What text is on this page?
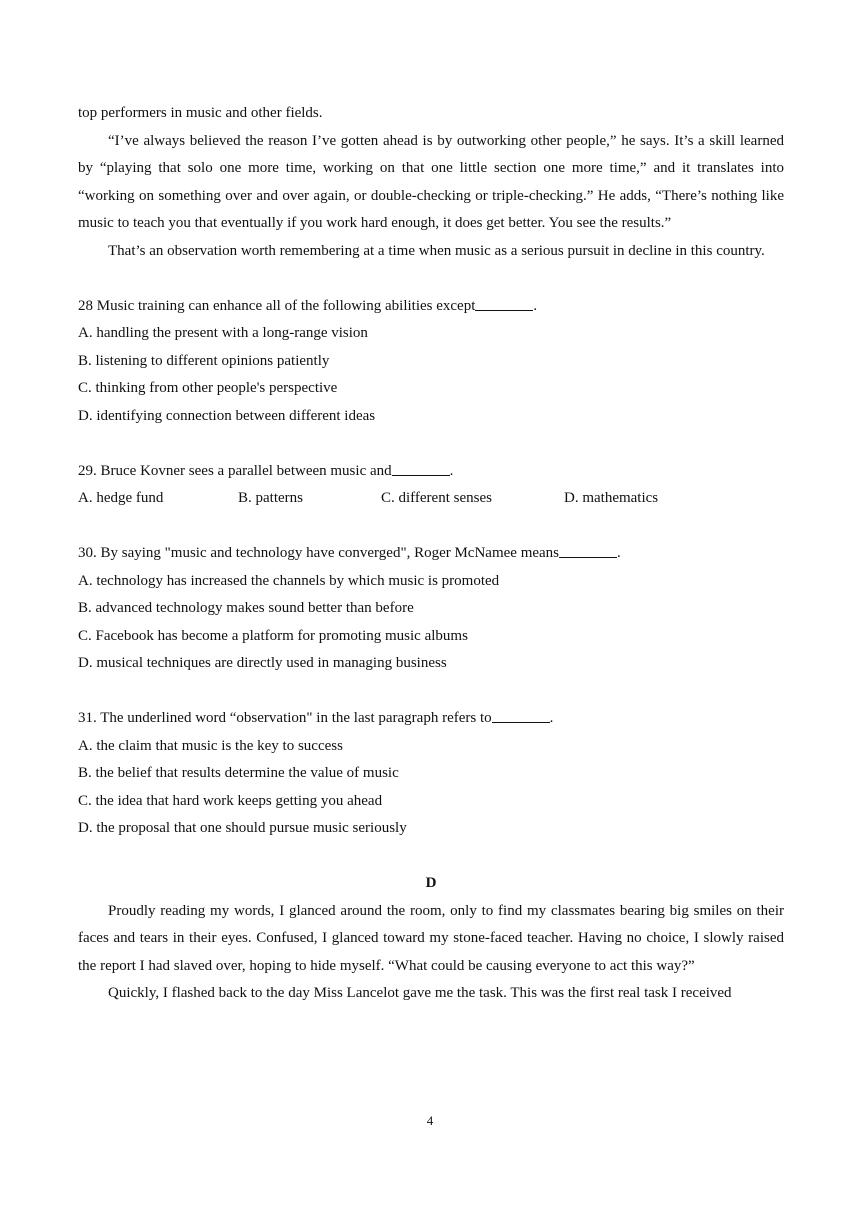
top performers in music and other fields.

“I’ve always believed the reason I’ve gotten ahead is by outworking other people,” he says. It’s a skill learned by “playing that solo one more time, working on that one little section one more time,” and it translates into “working on something over and over again, or double-checking or triple-checking.” He adds, “There’s nothing like music to teach you that eventually if you work hard enough, it does get better. You see the results.”

That’s an observation worth remembering at a time when music as a serious pursuit in decline in this country.

28 Music training can enhance all of the following abilities except	.

A. handling the present with a long-range vision

B. listening to different opinions patiently

C. thinking from other people's perspective

D. identifying connection between different ideas

29. Bruce Kovner sees a parallel between music and	.

A. hedge fund	B. patterns	C. different senses	D. mathematics

30. By saying "music and technology have converged", Roger McNamee means	.

A. technology has increased the channels by which music is promoted

B. advanced technology makes sound better than before

C. Facebook has become a platform for promoting music albums

D. musical techniques are directly used in managing business

31. The underlined word “observation" in the last paragraph refers to	.

A. the claim that music is the key to success

B. the belief that results determine the value of music

C. the idea that hard work keeps getting you ahead

D. the proposal that one should pursue music seriously

D

Proudly reading my words, I glanced around the room, only to find my classmates bearing big smiles on their faces and tears in their eyes. Confused, I glanced toward my stone-faced teacher. Having no choice, I slowly raised the report I had slaved over, hoping to hide myself. “What could be causing everyone to act this way?”

Quickly, I flashed back to the day Miss Lancelot gave me the task. This was the first real task I received

4
